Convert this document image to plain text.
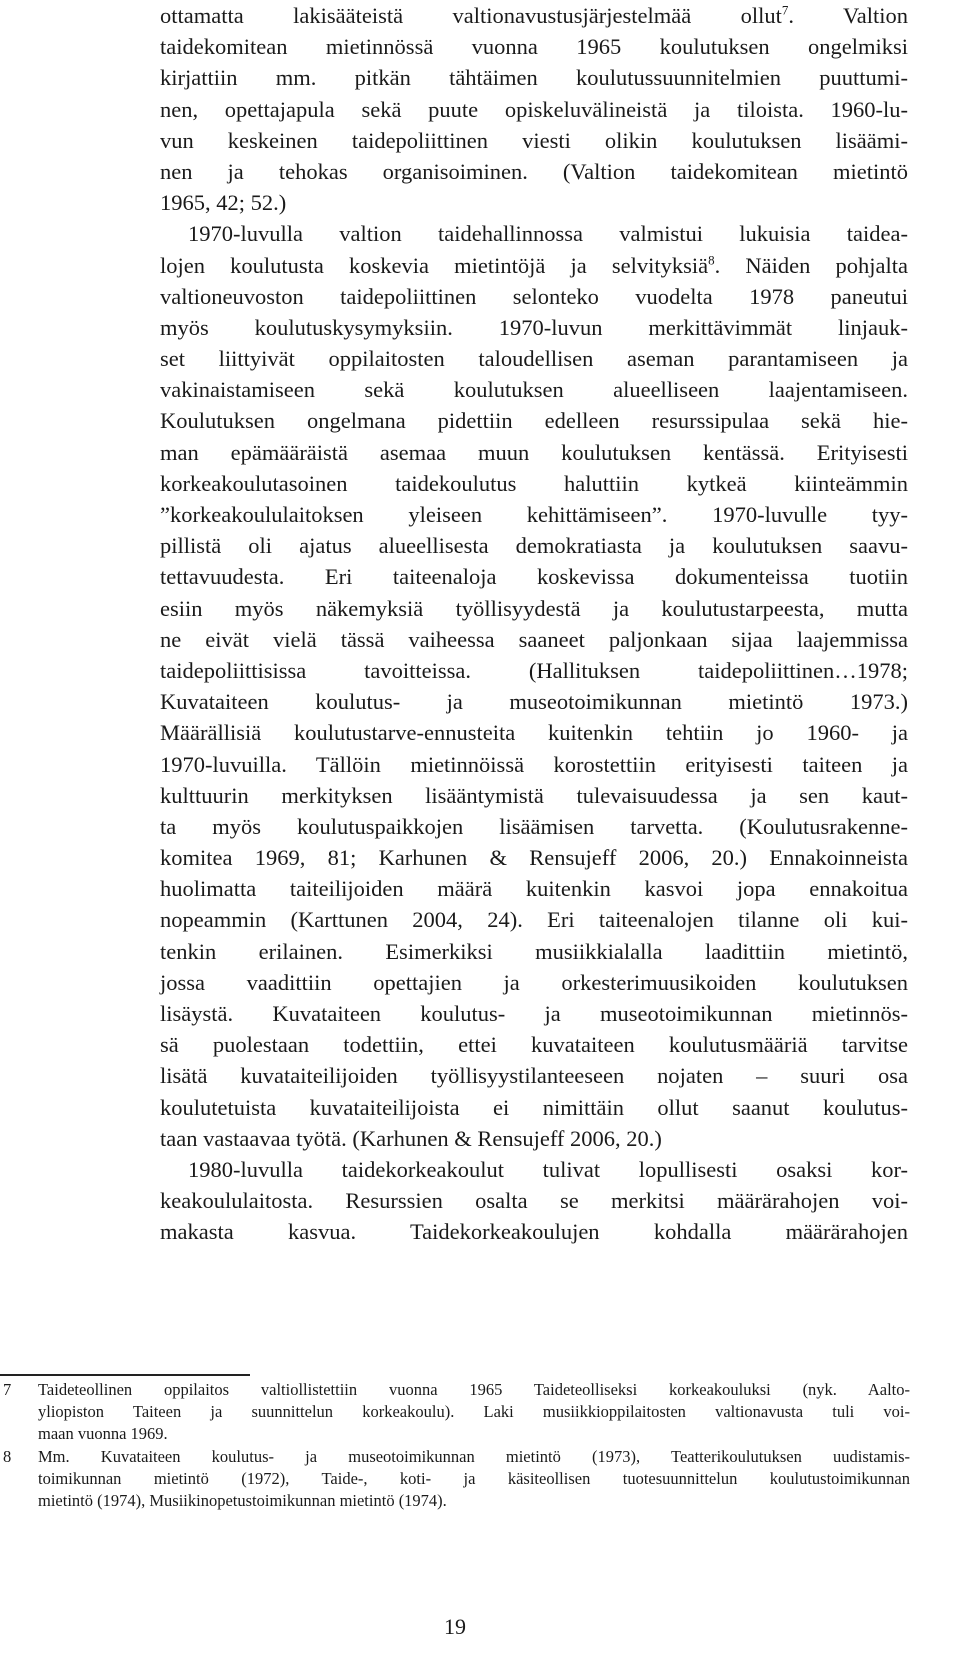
ottamatta lakisääteistä valtionavustusjärjestelmää ollut$^7$. Valtion
taidekomitean mietinnössä vuonna 1965 koulutuksen ongelmiksi
kirjattiin mm. pitkän tähtäimen koulutussuunnitelmien puuttumi-
nen, opettajapula sekä puute opiskeluvälineistä ja tiloista. 1960-lu-
vun keskeinen taidepoliittinen viesti olikin koulutuksen lisäämi-
nen ja tehokas organisoiminen. (Valtion taidekomitean mietintö
1965, 42; 52.)
1970-luvulla valtion taidehallinnossa valmistui lukuisia taidea-
lojen koulutusta koskevia mietintöjä ja selvityksiä$^8$. Näiden pohjalta
valtioneuvoston taidepoliittinen selonteko vuodelta 1978 paneutui
myös koulutuskysymyksiin. 1970-luvun merkittävimmät linjauk-
set liittyivät oppilaitosten taloudellisen aseman parantamiseen ja
vakinaistamiseen sekä koulutuksen alueelliseen laajentamiseen.
Koulutuksen ongelmana pidettiin edelleen resurssipulaa sekä hie-
man epämääräistä asemaa muun koulutuksen kentässä. Erityisesti
korkeakoulutasoinen taidekoulutus haluttiin kytkeä kiinteämmin
”korkeakoululaitoksen yleiseen kehittämiseen”. 1970-luvulle tyy-
pillistä oli ajatus alueellisesta demokratiasta ja koulutuksen saavu-
tettavuudesta. Eri taiteenaloja koskevissa dokumenteissa tuotiin
esiin myös näkemyksiä työllisyydestä ja koulutustarpeesta, mutta
ne eivät vielä tässä vaiheessa saaneet paljonkaan sijaa laajemmissa
taidepoliittisissa tavoitteissa. (Hallituksen taidepoliittinen…1978;
Kuvataiteen koulutus- ja museotoimikunnan mietintö 1973.)
Määrällisiä koulutustarve-ennusteita kuitenkin tehtiin jo 1960- ja
1970-luvuilla. Tällöin mietinnöissä korostettiin erityisesti taiteen ja
kulttuurin merkityksen lisääntymistä tulevaisuudessa ja sen kaut-
ta myös koulutuspaikkojen lisäämisen tarvetta. (Koulutusrakenne-
komitea 1969, 81; Karhunen & Rensujeff 2006, 20.) Ennakoinneista
huolimatta taiteilijoiden määrä kuitenkin kasvoi jopa ennakoitua
nopeammin (Karttunen 2004, 24). Eri taiteenalojen tilanne oli kui-
tenkin erilainen. Esimerkiksi musiikkialalla laadittiin mietintö,
jossa vaadittiin opettajien ja orkesterimuusikoiden koulutuksen
lisäystä. Kuvataiteen koulutus- ja museotoimikunnan mietinnös-
sä puolestaan todettiin, ettei kuvataiteen koulutusmääriä tarvitse
lisätä kuvataiteilijoiden työllisyystilanteeseen nojaten – suuri osa
koulutetuista kuvataiteilijoista ei nimittäin ollut saanut koulutus-
taan vastaavaa työtä. (Karhunen & Rensujeff 2006, 20.)
1980-luvulla taidekorkeakoulut tulivat lopullisesti osaksi kor-
keakoululaitosta. Resurssien osalta se merkitsi määrärahojen voi-
makasta kasvua. Taidekorkeakoulujen kohdalla määrärahojen
7 Taideteollinen oppilaitos valtiollistettiin vuonna 1965 Taideteolliseksi korkeakouluksi (nyk. Aalto-
yliopiston Taiteen ja suunnittelun korkeakoulu). Laki musiikkioppilaitosten valtionavusta tuli voi-
maan vuonna 1969.
8 Mm. Kuvataiteen koulutus- ja museotoimikunnan mietintö (1973), Teatterikoulutuksen uudistamis-
toimikunnan mietintö (1972), Taide-, koti- ja käsiteollisen tuotesuunnittelun koulutustoimikunnan
mietintö (1974), Musiikinopetustoimikunnan mietintö (1974).
19
